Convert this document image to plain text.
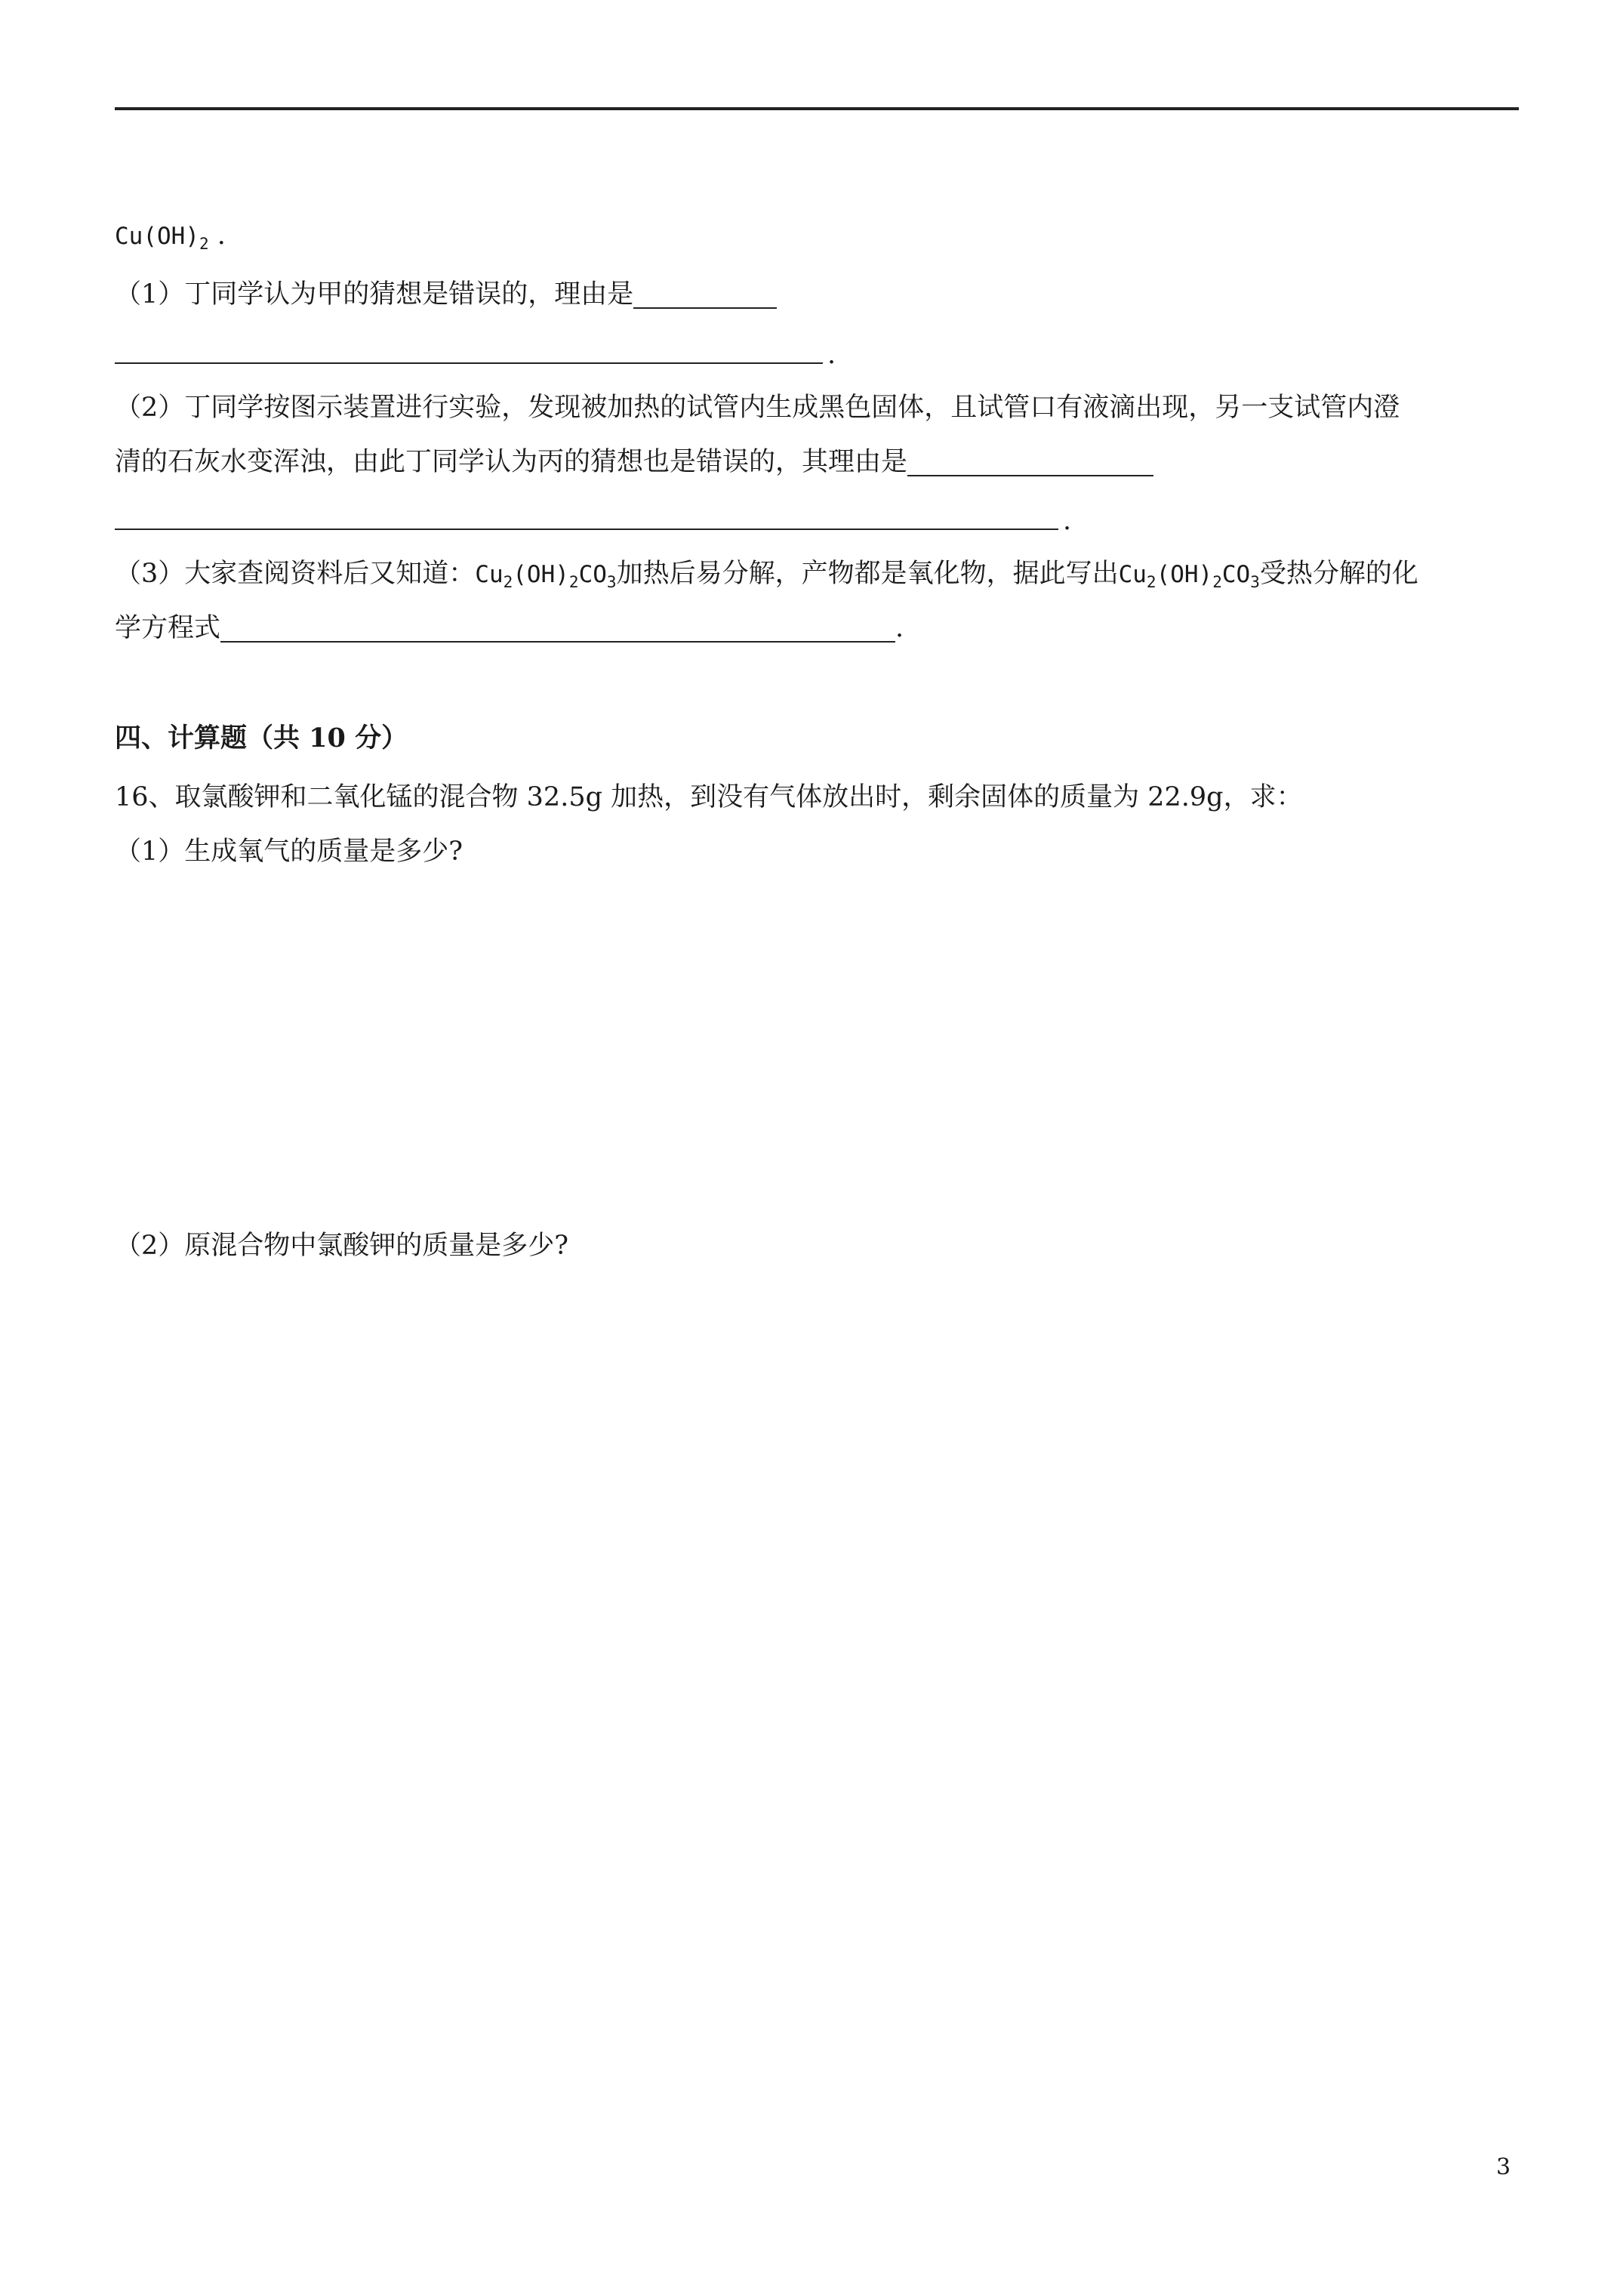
$Cu(OH)_2$ .
（1）丁同学认为甲的猜想是错误的，理由是
.
（2）丁同学按图示装置进行实验，发现被加热的试管内生成黑色固体，且试管口有液滴出现，另一支试管内澄
清的石灰水变浑浊，由此丁同学认为丙的猜想也是错误的，其理由是
.
（3）大家查阅资料后又知道：$Cu_2(OH)_2CO_3$加热后易分解，产物都是氧化物，据此写出$Cu_2(OH)_2CO_3$受热分解的化
学方程式	.
四、计算题（共 10 分）
16、取氯酸钾和二氧化锰的混合物 32.5g 加热，到没有气体放出时，剩余固体的质量为 22.9g，求：
（1）生成氧气的质量是多少?
（2）原混合物中氯酸钾的质量是多少?
3
